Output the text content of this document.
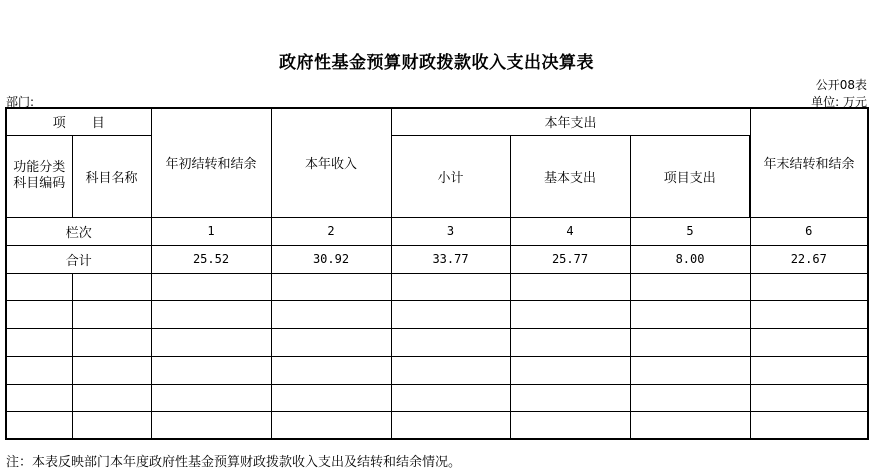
政府性基金预算财政拨款收入支出决算表
公开08表
部门:	单位: 万元
项　　目		年初结转和结余	本年收入	本年支出			年末结转和结余
功能分类科目编码	科目名称			小计	基本支出	项目支出	

栏次		1	2	3	4	5	6
合计		25.52	30.92	33.77	25.77	8.00	22.67

注：本表反映部门本年度政府性基金预算财政拨款收入支出及结转和结余情况。
